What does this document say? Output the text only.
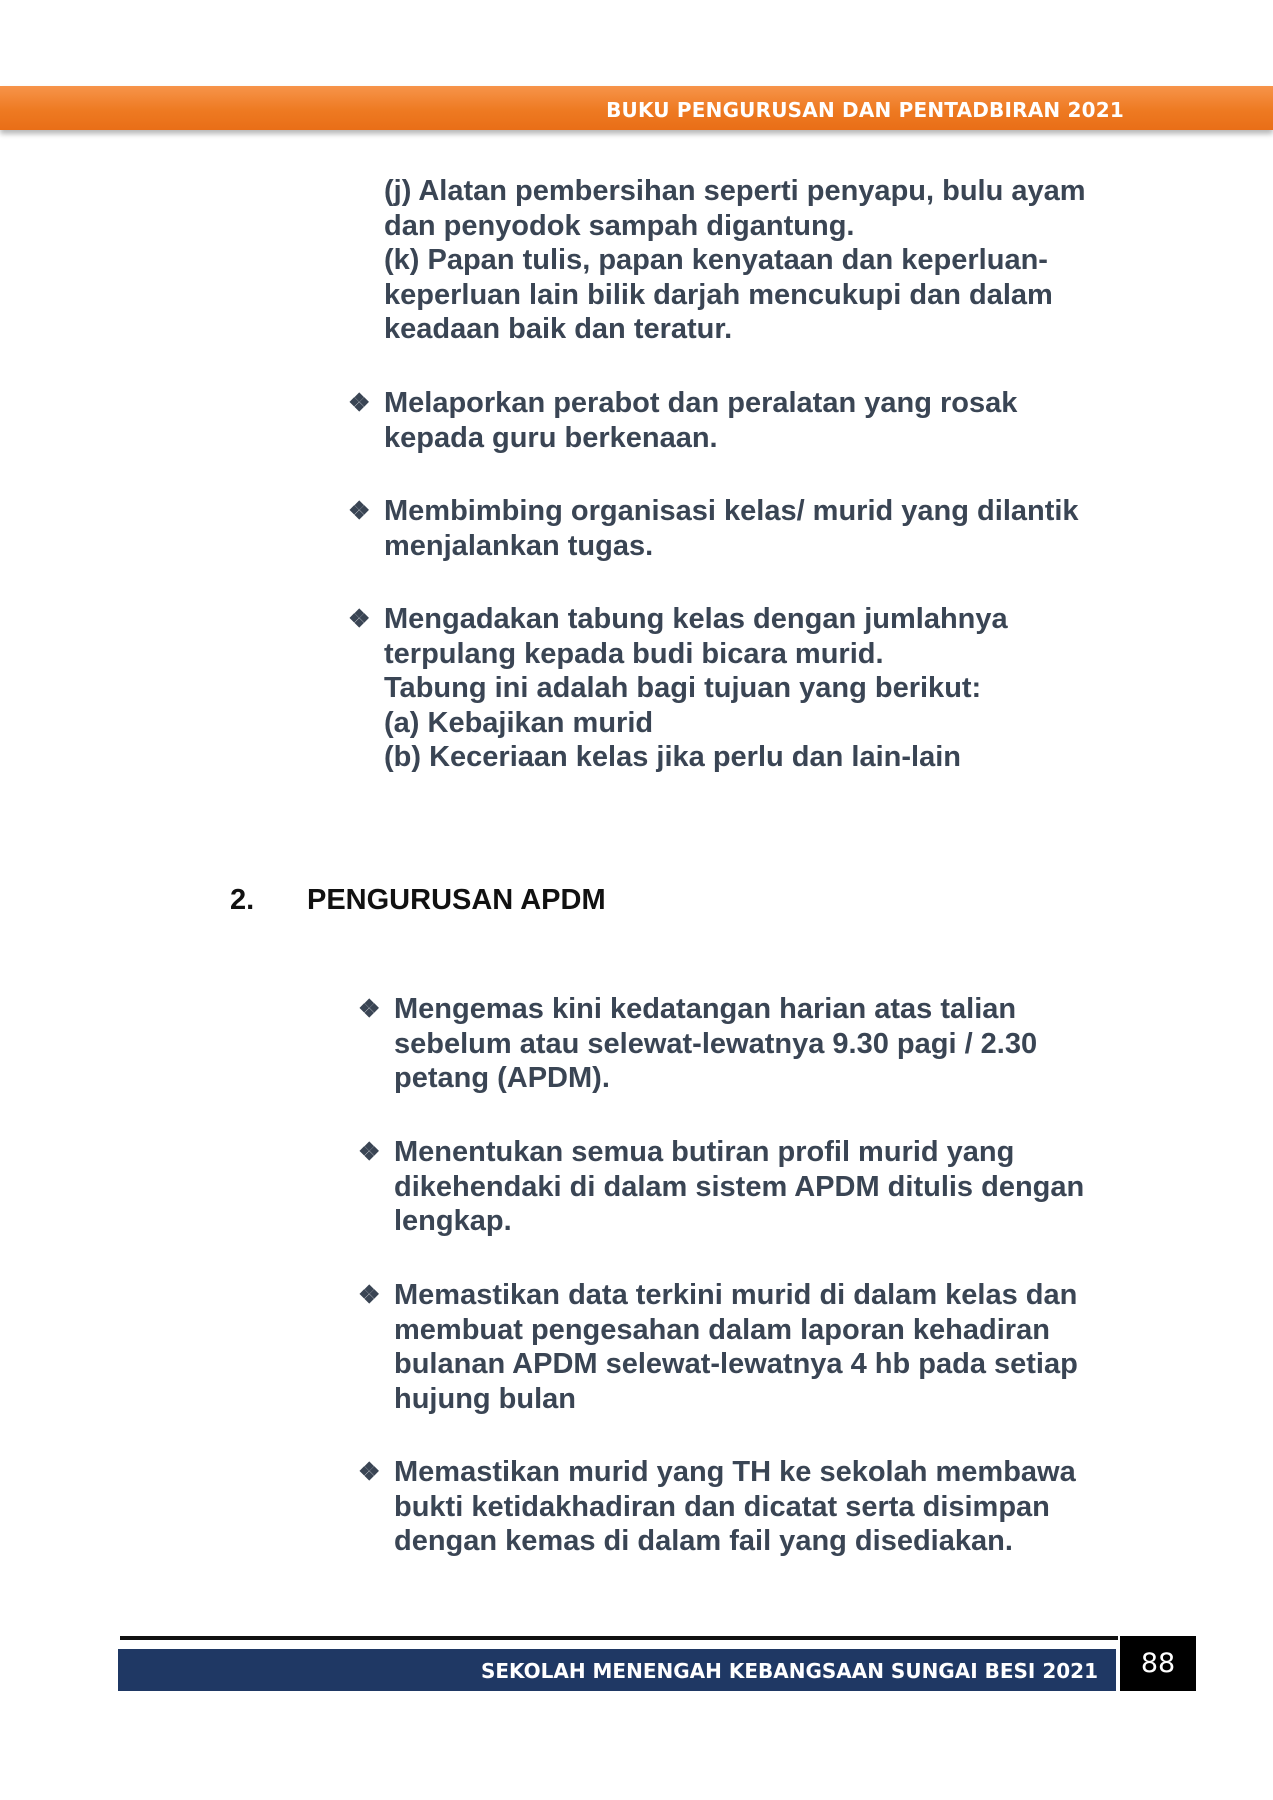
BUKU PENGURUSAN DAN PENTADBIRAN 2021

(j) Alatan pembersihan seperti penyapu, bulu ayam

dan penyodok sampah digantung.

(k) Papan tulis, papan kenyataan dan keperluan-

keperluan lain bilik darjah mencukupi dan dalam

keadaan baik dan teratur.

❖ Melaporkan perabot dan peralatan yang rosak

kepada guru berkenaan.

❖ Membimbing organisasi kelas/ murid yang dilantik

menjalankan tugas.

❖ Mengadakan tabung kelas dengan jumlahnya

terpulang kepada budi bicara murid.

Tabung ini adalah bagi tujuan yang berikut:

(a) Kebajikan murid

(b) Keceriaan kelas jika perlu dan lain-lain

2. PENGURUSAN APDM
❖ Mengemas kini kedatangan harian atas talian

sebelum atau selewat-lewatnya 9.30 pagi / 2.30

petang (APDM).

❖ Menentukan semua butiran profil murid yang

dikehendaki di dalam sistem APDM ditulis dengan

lengkap.

❖ Memastikan data terkini murid di dalam kelas dan

membuat pengesahan dalam laporan kehadiran

bulanan APDM selewat-lewatnya 4 hb pada setiap

hujung bulan

❖ Memastikan murid yang TH ke sekolah membawa

bukti ketidakhadiran dan dicatat serta disimpan

dengan kemas di dalam fail yang disediakan.

SEKOLAH MENENGAH KEBANGSAAN SUNGAI BESI 2021	88
